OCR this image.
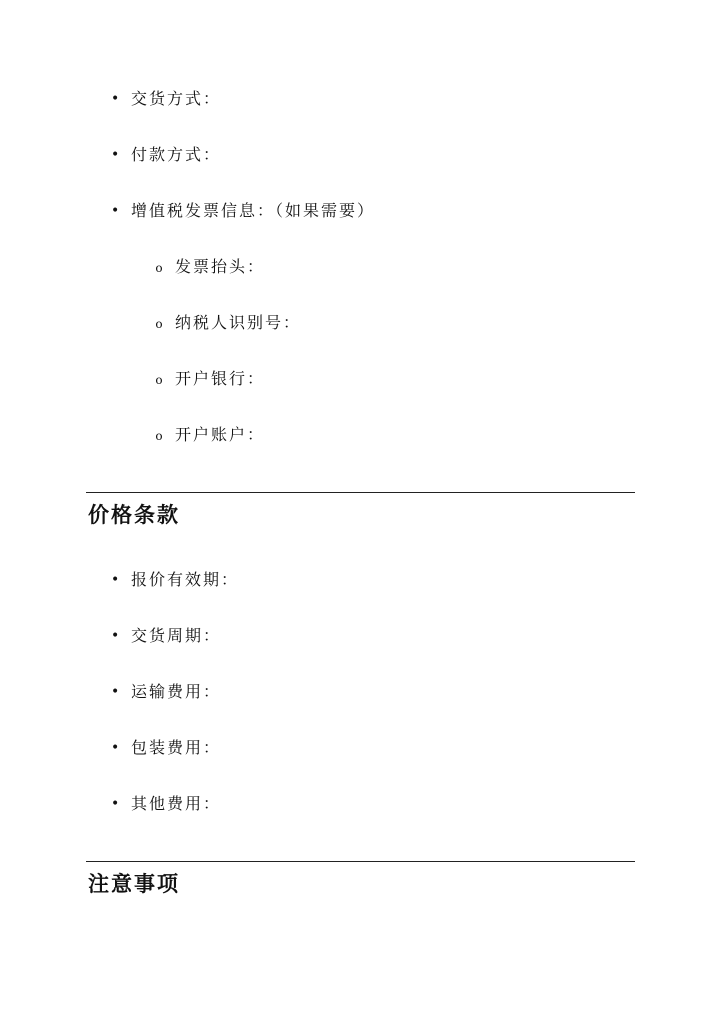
• 交货方式：
• 付款方式：
• 增值税发票信息：（如果需要）
o 发票抬头：
o 纳税人识别号：
o 开户银行：
o 开户账户：
价格条款
• 报价有效期：
• 交货周期：
• 运输费用：
• 包装费用：
• 其他费用：
注意事项
